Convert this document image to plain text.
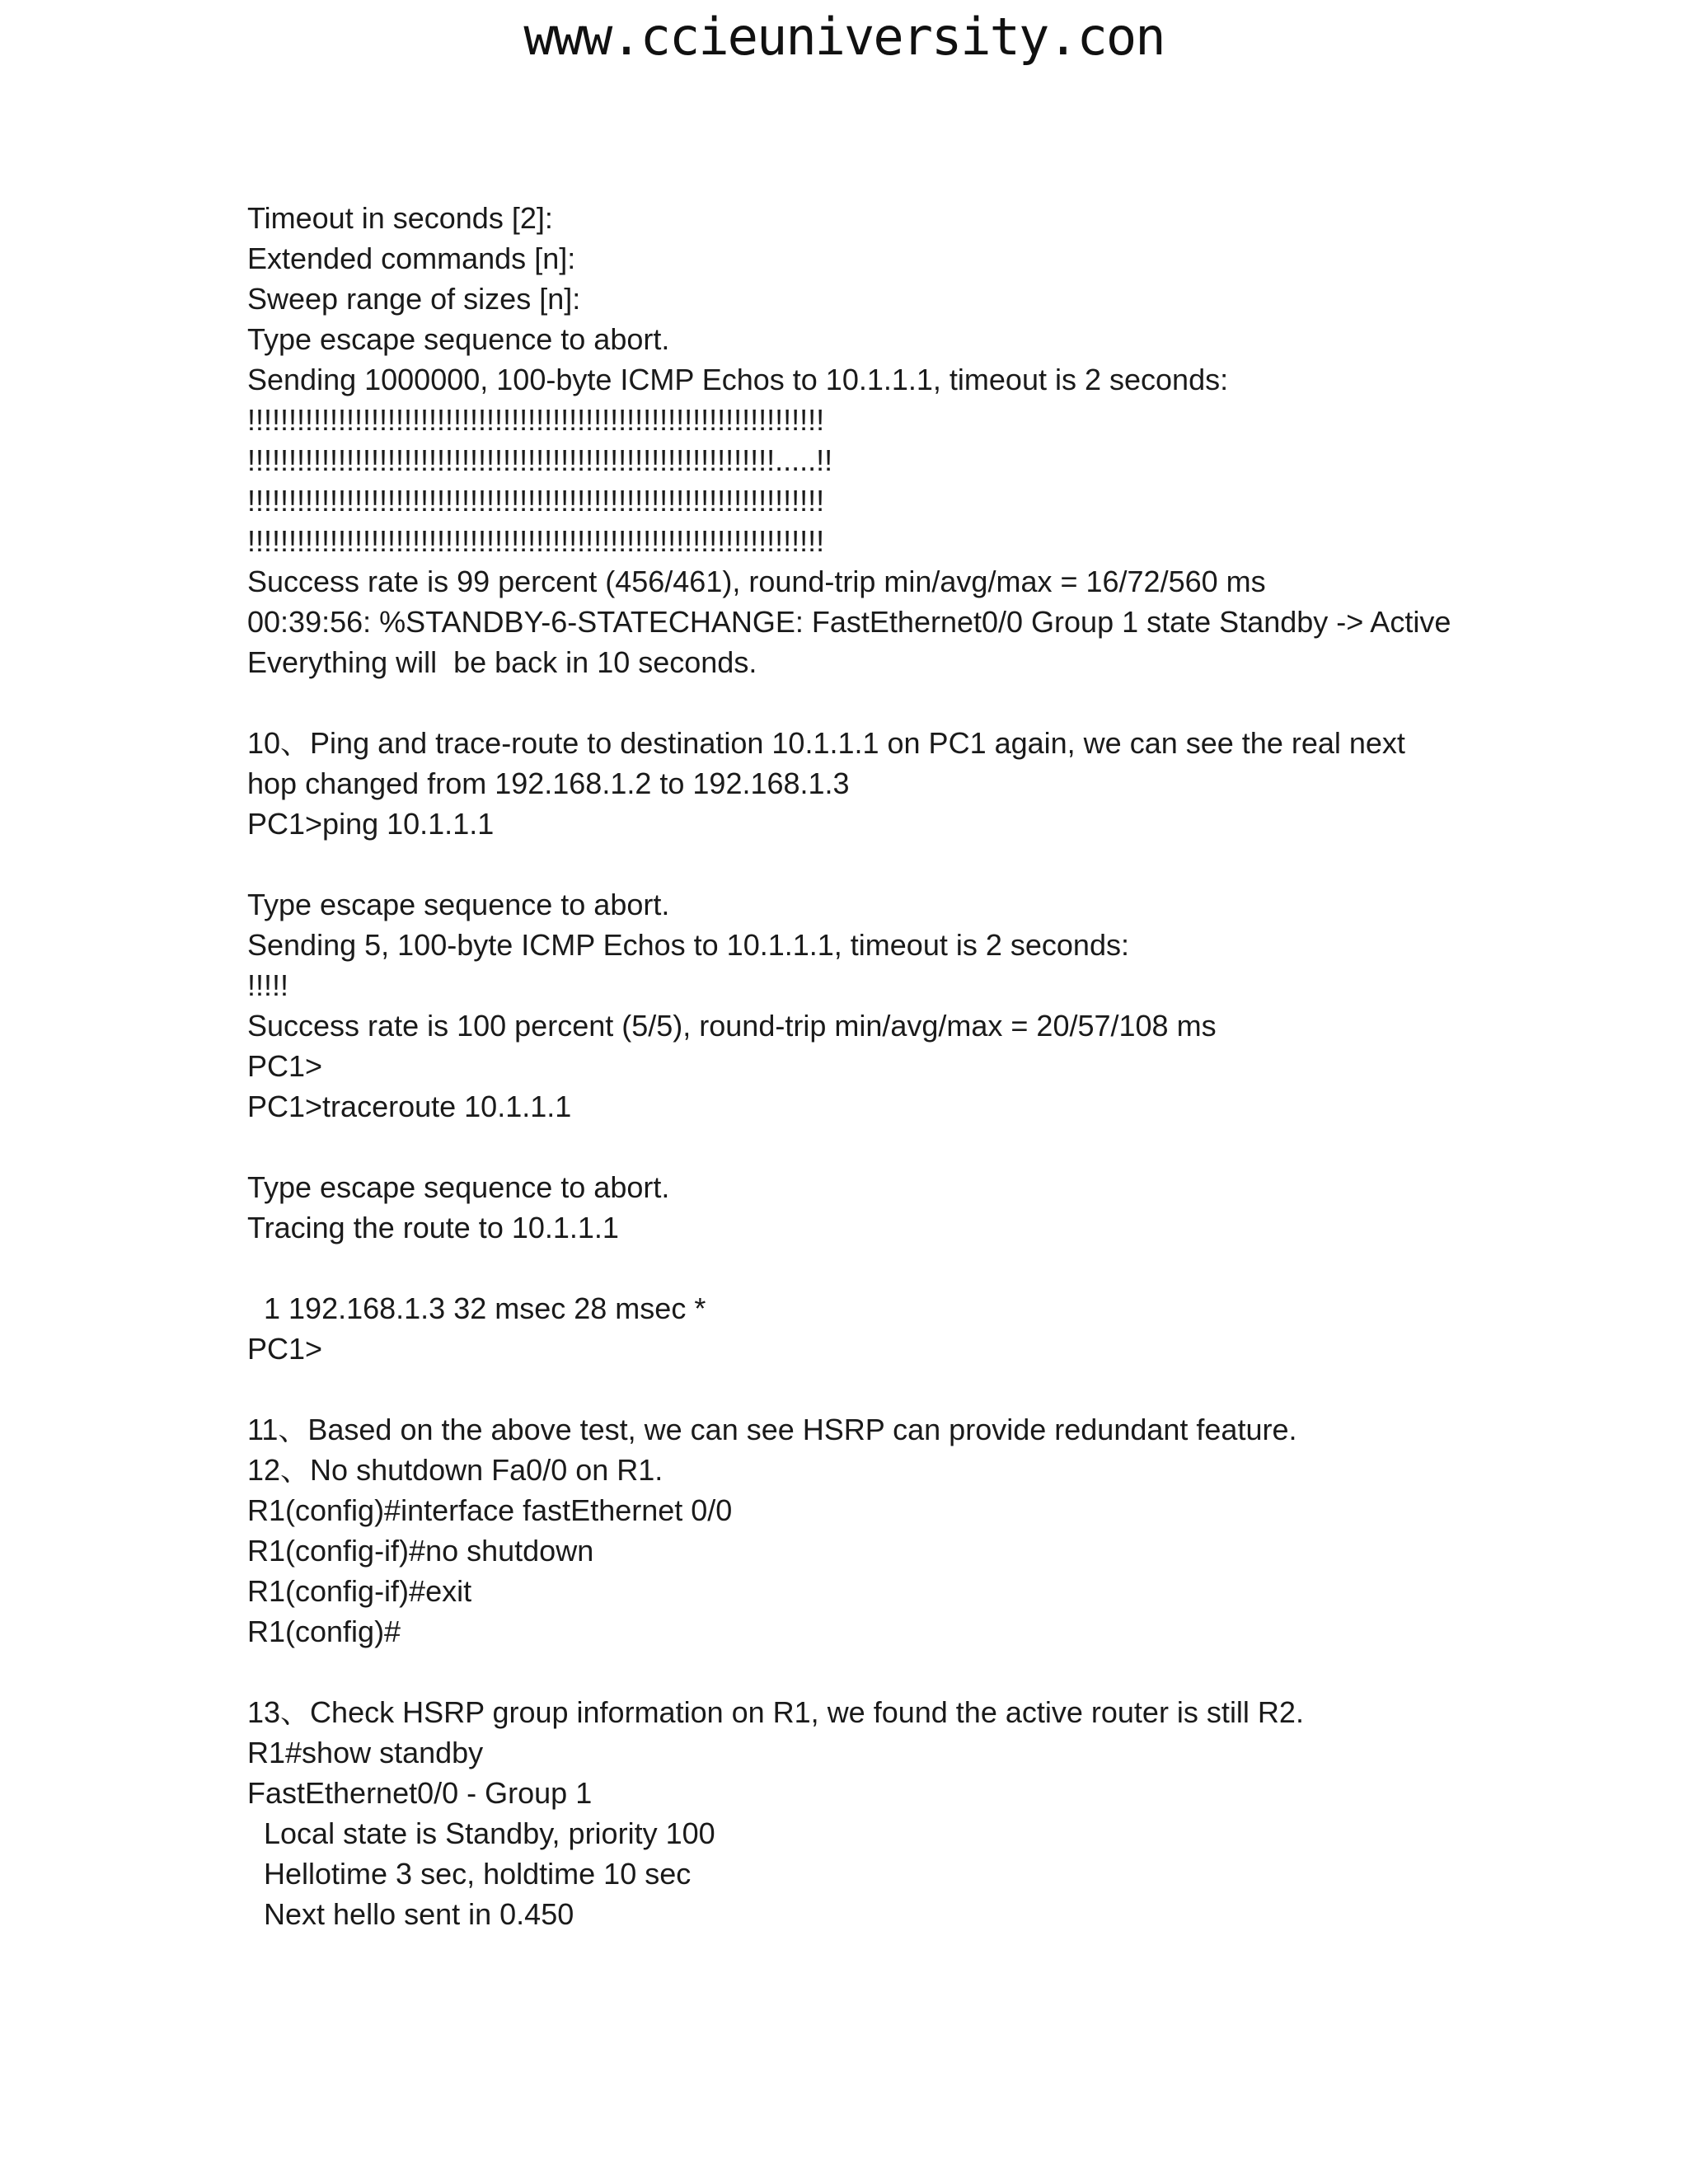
www.ccieuniversity.con
Timeout in seconds [2]:
Extended commands [n]:
Sweep range of sizes [n]:
Type escape sequence to abort.
Sending 1000000, 100-byte ICMP Echos to 10.1.1.1, timeout is 2 seconds:
!!!!!!!!!!!!!!!!!!!!!!!!!!!!!!!!!!!!!!!!!!!!!!!!!!!!!!!!!!!!!!!!!!!!!!
!!!!!!!!!!!!!!!!!!!!!!!!!!!!!!!!!!!!!!!!!!!!!!!!!!!!!!!!!!!!!!!!.....!!
!!!!!!!!!!!!!!!!!!!!!!!!!!!!!!!!!!!!!!!!!!!!!!!!!!!!!!!!!!!!!!!!!!!!!!
!!!!!!!!!!!!!!!!!!!!!!!!!!!!!!!!!!!!!!!!!!!!!!!!!!!!!!!!!!!!!!!!!!!!!!
Success rate is 99 percent (456/461), round-trip min/avg/max = 16/72/560 ms
00:39:56: %STANDBY-6-STATECHANGE: FastEthernet0/0 Group 1 state Standby -> Active
Everything will  be back in 10 seconds.
10、Ping and trace-route to destination 10.1.1.1 on PC1 again, we can see the real next
hop changed from 192.168.1.2 to 192.168.1.3
PC1>ping 10.1.1.1
Type escape sequence to abort.
Sending 5, 100-byte ICMP Echos to 10.1.1.1, timeout is 2 seconds:
!!!!!
Success rate is 100 percent (5/5), round-trip min/avg/max = 20/57/108 ms
PC1>
PC1>traceroute 10.1.1.1
Type escape sequence to abort.
Tracing the route to 10.1.1.1
1 192.168.1.3 32 msec 28 msec *
PC1>
11、Based on the above test, we can see HSRP can provide redundant feature.
12、No shutdown Fa0/0 on R1.
R1(config)#interface fastEthernet 0/0
R1(config-if)#no shutdown
R1(config-if)#exit
R1(config)#
13、Check HSRP group information on R1, we found the active router is still R2.
R1#show standby
FastEthernet0/0 - Group 1
Local state is Standby, priority 100
Hellotime 3 sec, holdtime 10 sec
Next hello sent in 0.450
